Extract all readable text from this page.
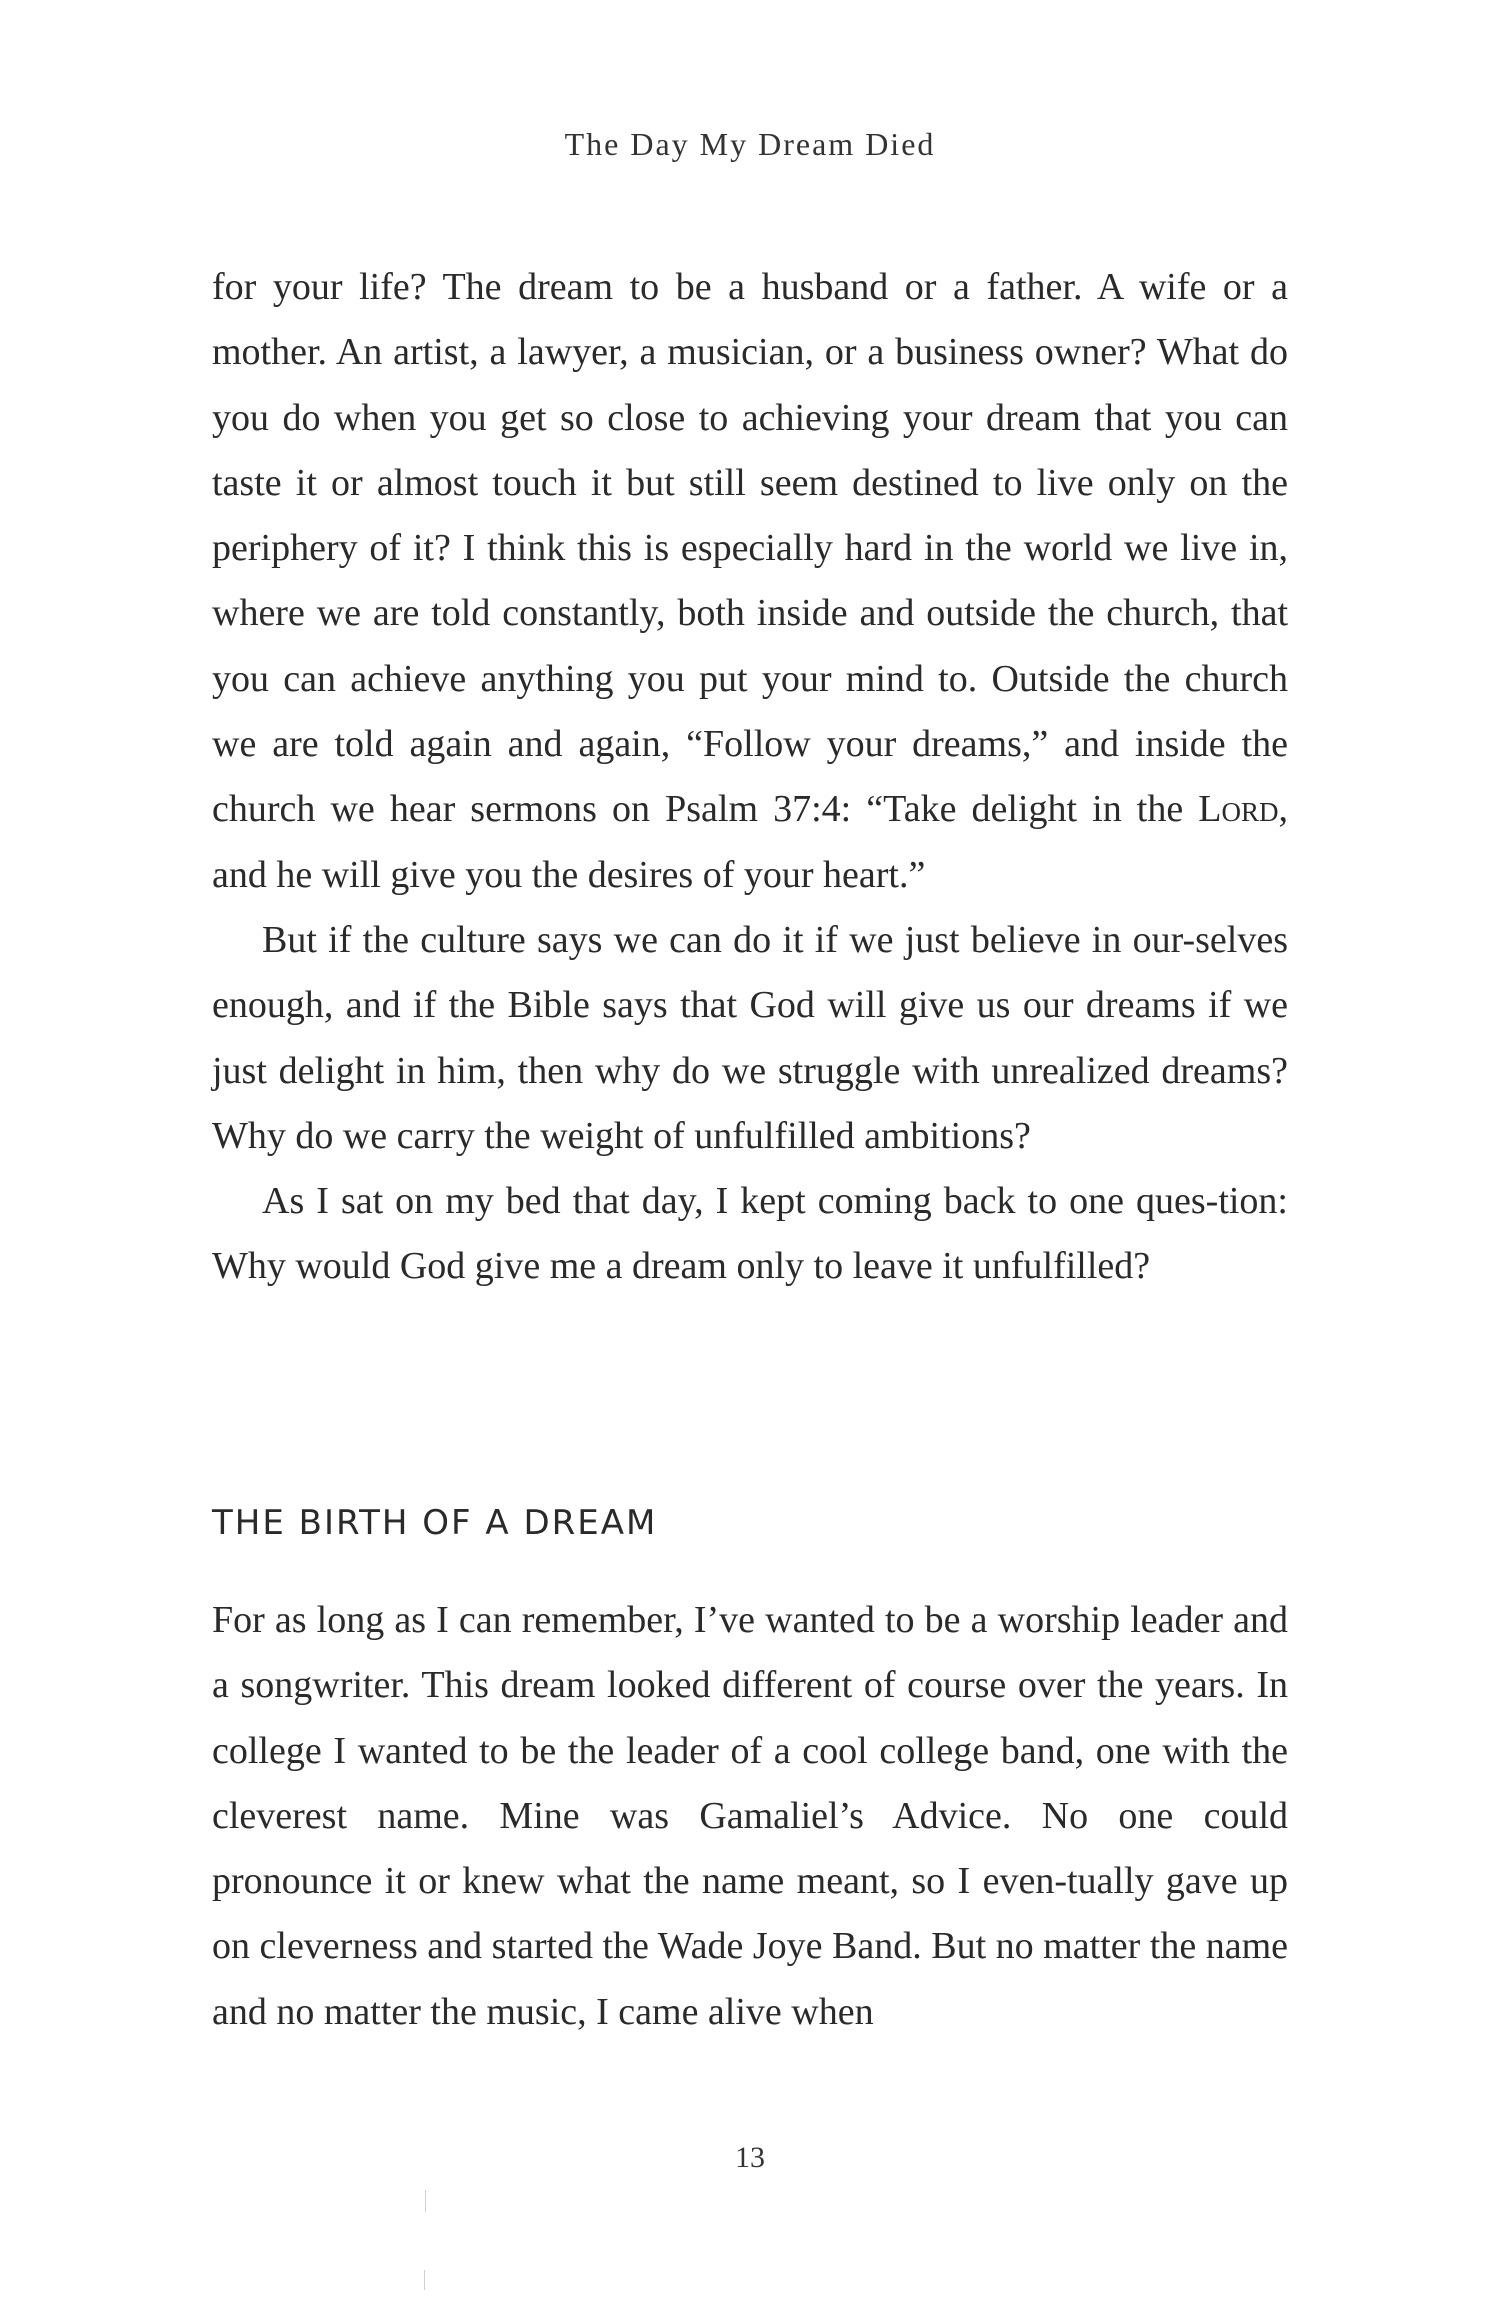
The Day My Dream Died

for your life? The dream to be a husband or a father. A wife or a mother. An artist, a lawyer, a musician, or a business owner? What do you do when you get so close to achieving your dream that you can taste it or almost touch it but still seem destined to live only on the periphery of it? I think this is especially hard in the world we live in, where we are told constantly, both inside and outside the church, that you can achieve anything you put your mind to. Outside the church we are told again and again, “Follow your dreams,” and inside the church we hear sermons on Psalm 37:4: “Take delight in the Lord, and he will give you the desires of your heart.”

But if the culture says we can do it if we just believe in our-selves enough, and if the Bible says that God will give us our dreams if we just delight in him, then why do we struggle with unrealized dreams? Why do we carry the weight of unfulfilled ambitions?

As I sat on my bed that day, I kept coming back to one ques-tion: Why would God give me a dream only to leave it unfulfilled?

THE BIRTH OF A DREAM

For as long as I can remember, I’ve wanted to be a worship leader and a songwriter. This dream looked different of course over the years. In college I wanted to be the leader of a cool college band, one with the cleverest name. Mine was Gamaliel’s Advice. No one could pronounce it or knew what the name meant, so I even-tually gave up on cleverness and started the Wade Joye Band. But no matter the name and no matter the music, I came alive when

13
